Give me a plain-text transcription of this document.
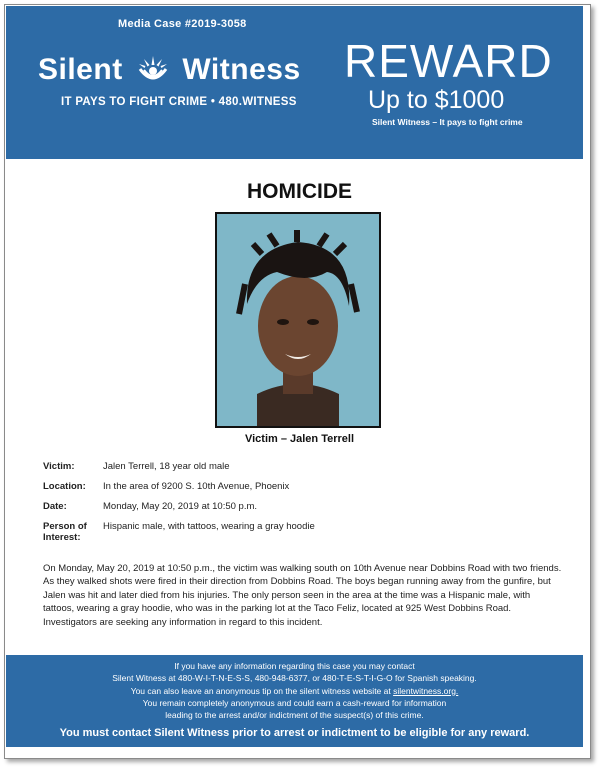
Media Case #2019-3058
Silent Witness
IT PAYS TO FIGHT CRIME • 480.WITNESS
REWARD
Up to $1000
Silent Witness – It pays to fight crime
HOMICIDE
Victim – Jalen Terrell
Victim:	Jalen Terrell, 18 year old male
Location:	In the area of 9200 S. 10th Avenue, Phoenix
Date:	Monday, May 20, 2019 at 10:50 p.m.
Person of Interest:
Hispanic male, with tattoos, wearing a gray hoodie
On Monday, May 20, 2019 at 10:50 p.m., the victim was walking south on 10th Avenue near Dobbins Road with two friends. As they walked shots were fired in their direction from Dobbins Road. The boys began running away from the gunfire, but Jalen was hit and later died from his injuries. The only person seen in the area at the time was a Hispanic male, with tattoos, wearing a gray hoodie, who was in the parking lot at the Taco Feliz, located at 925 West Dobbins Road. Investigators are seeking any information in regard to this incident.
If you have any information regarding this case you may contact
Silent Witness at 480-W-I-T-N-E-S-S, 480-948-6377, or 480-T-E-S-T-I-G-O for Spanish speaking.
You can also leave an anonymous tip on the silent witness website at silentwitness.org.
You remain completely anonymous and could earn a cash-reward for information
leading to the arrest and/or indictment of the suspect(s) of this crime.
You must contact Silent Witness prior to arrest or indictment to be eligible for any reward.
